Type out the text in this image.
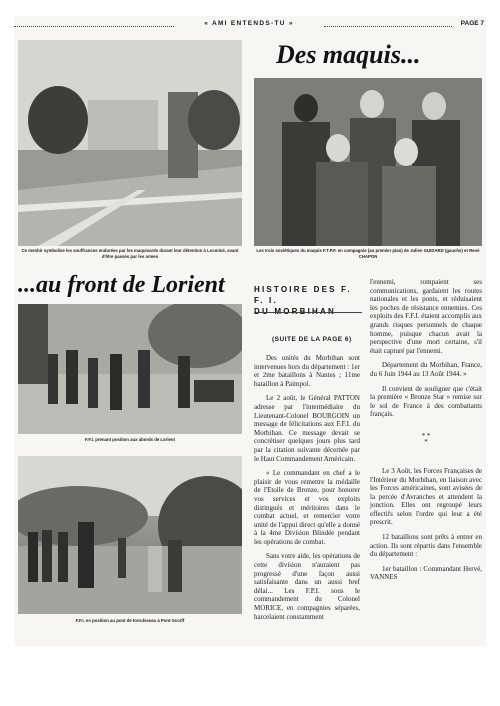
« AMI ENTENDS-TU »	PAGE 7
Ce menhir symbolise les souffrances endurées par les maquisards durant leur détention à Locminé, avant d'être passés par les armes
Des maquis...
Les trois soviétiques du maquis F.T.P.F. en compagnie (au premier plan) de Julien GUIDARD (gauche) et René CHAPON
...au front de Lorient
F.F.I. prenant position aux abords de Lorient
F.F.I. en position au pont de Kerulsseau à Pont-Scorff
HISTOIRE DES F. F. I.
DU MORBIHAN
(SUITE DE LA PAGE 6)

Des unités du Morbihan sont intervenues hors du département : 1er et 2me bataillons à Nantes ; 11me bataillon à Paimpol.

Le 2 août, le Général PATTON adresse par l'intermédiaire du Lieutenant-Colonel BOURGOIN un message de félicitations aux F.F.I. du Morbihan. Ce message devait se concrétiser quelques jours plus tard par la citation suivante décernée par le Haut Commandement Américain.

« Le commandant en chef a le plaisir de vous remettre la médaille de l'Etoile de Bronze, pour honorer vos services et vos exploits distingués et méritoires dans le combat actuel, et remercier votre unité de l'appui direct qu'elle a donné à la 4me Division Blindée pendant les opérations de combat.

Sans votre aide, les opérations de cette division n'auraient pas progressé d'une façon aussi satisfaisante dans un aussi bref délai... Les F.P.I. sous le commandement du Colonel MORICE, en compagnies séparées, harcelaient constamment

l'ennemi, rompaient ses communications, gardaient les routes nationales et les ponts, et réduisaient les poches de résistance ennemies. Ces exploits des F.F.I. étaient accomplis aux grands risques personnels de chaque homme, puisque chacun avait la perspective d'une mort certaine, s'il était capturé par l'ennemi.

Département du Morbihan, France, du 6 Juin 1944 au 13 Août 1944. »

Il convient de souligner que c'était la première « Bronze Star » remise sur le sol de France à des combattants français.

* *
*

Le 3 Août, les Forces Françaises de l'Intérieur du Morbihan, en liaison avec les Forces américaines, sont avisées de la percée d'Avranches et attendent la jonction. Elles ont regroupé leurs effectifs selon l'ordre qui leur a été prescrit.

12 bataillons sont prêts à entrer en action. Ils sont répartis dans l'ensemble du département :

1er bataillon : Commandant Hervé, VANNES
